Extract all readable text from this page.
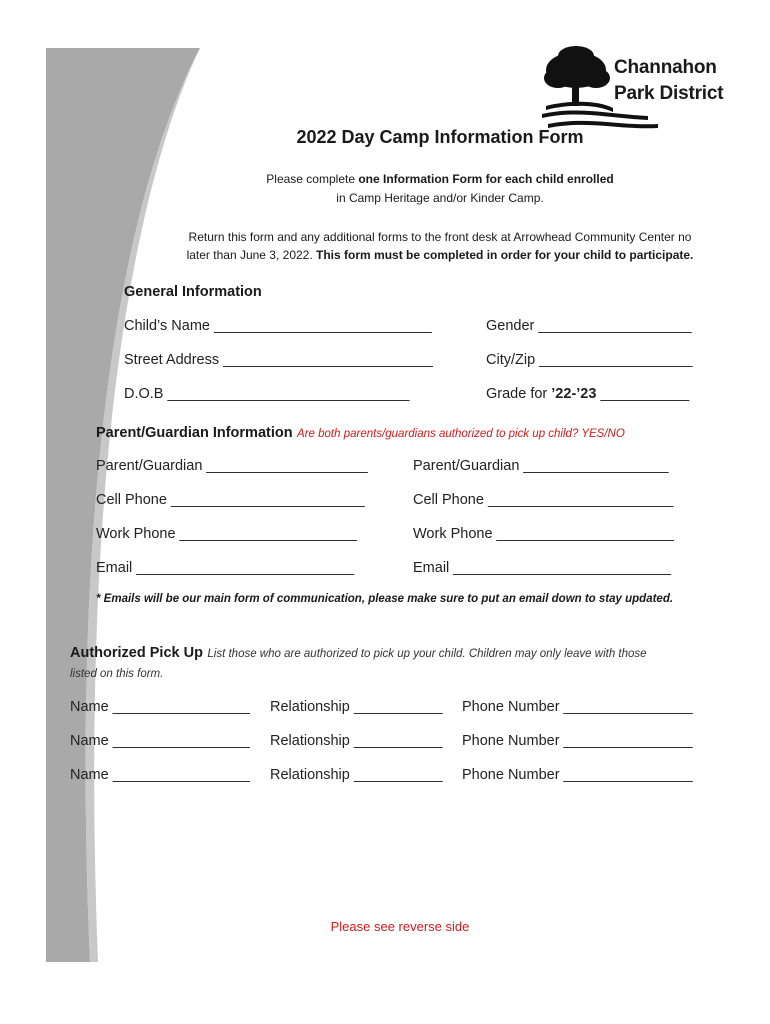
Channahon
Park District
2022 Day Camp Information Form
Please complete one Information Form for each child enrolled
in Camp Heritage and/or Kinder Camp.
Return this form and any additional forms to the front desk at Arrowhead Community Center no
later than June 3, 2022. This form must be completed in order for your child to participate.
General Information
Child’s Name ___________________________	Gender ___________________
Street Address __________________________	City/Zip ___________________
D.O.B ______________________________	Grade for ’22-’23 ___________
Parent/Guardian Information Are both parents/guardians authorized to pick up child? YES/NO
Parent/Guardian ____________________	Parent/Guardian __________________
Cell Phone ________________________	Cell Phone _______________________
Work Phone ______________________	Work Phone ______________________
Email ___________________________	Email ___________________________
* Emails will be our main form of communication, please make sure to put an email down to stay updated.
Authorized Pick Up List those who are authorized to pick up your child. Children may only leave with those
listed on this form.
Name _________________ Relationship ___________ Phone Number ________________
Name _________________ Relationship ___________ Phone Number ________________
Name _________________ Relationship ___________ Phone Number ________________
Please see reverse side
